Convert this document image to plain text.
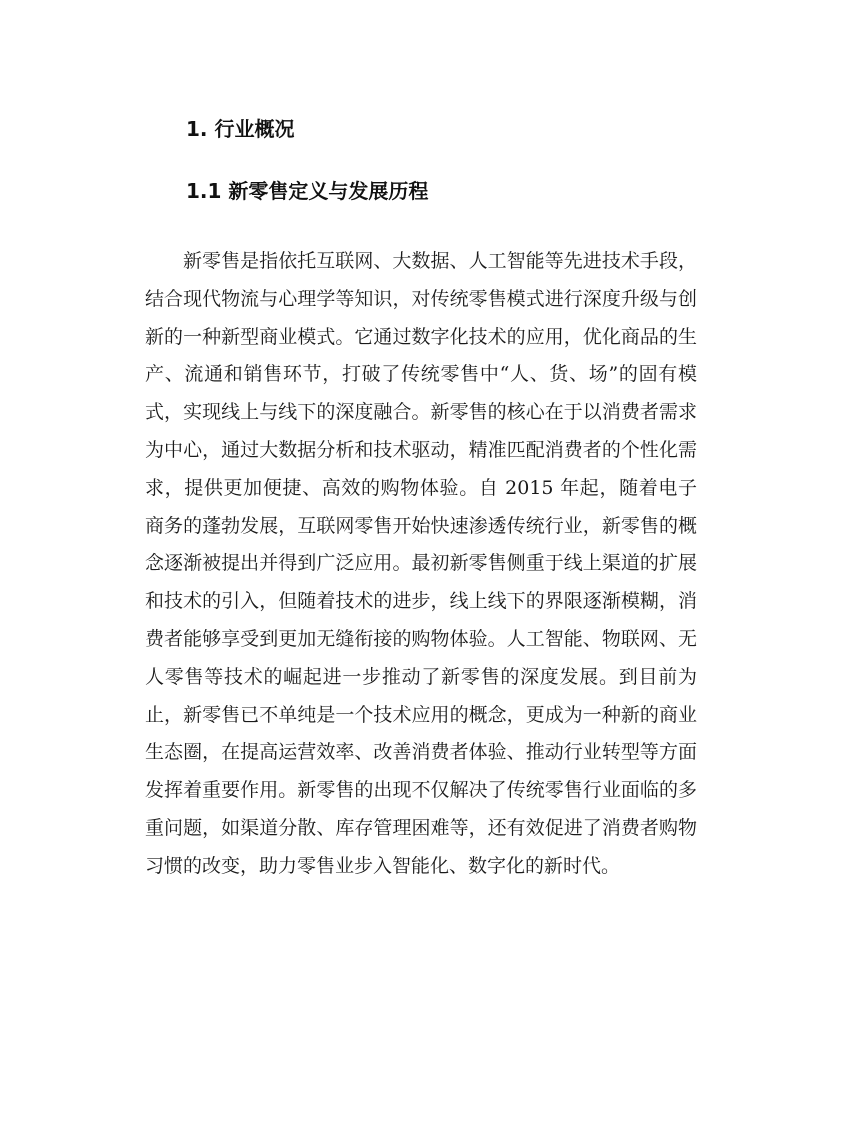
1. 行业概况
1.1 新零售定义与发展历程

新零售是指依托互联网、大数据、人工智能等先进技术手段，结合现代物流与心理学等知识，对传统零售模式进行深度升级与创新的一种新型商业模式。它通过数字化技术的应用，优化商品的生产、流通和销售环节，打破了传统零售中“人、货、场”的固有模式，实现线上与线下的深度融合。新零售的核心在于以消费者需求为中心，通过大数据分析和技术驱动，精准匹配消费者的个性化需求，提供更加便捷、高效的购物体验。自 2015 年起，随着电子商务的蓬勃发展，互联网零售开始快速渗透传统行业，新零售的概念逐渐被提出并得到广泛应用。最初新零售侧重于线上渠道的扩展和技术的引入，但随着技术的进步，线上线下的界限逐渐模糊，消费者能够享受到更加无缝衔接的购物体验。人工智能、物联网、无人零售等技术的崛起进一步推动了新零售的深度发展。到目前为止，新零售已不单纯是一个技术应用的概念，更成为一种新的商业生态圈，在提高运营效率、改善消费者体验、推动行业转型等方面发挥着重要作用。新零售的出现不仅解决了传统零售行业面临的多重问题，如渠道分散、库存管理困难等，还有效促进了消费者购物习惯的改变，助力零售业步入智能化、数字化的新时代。
